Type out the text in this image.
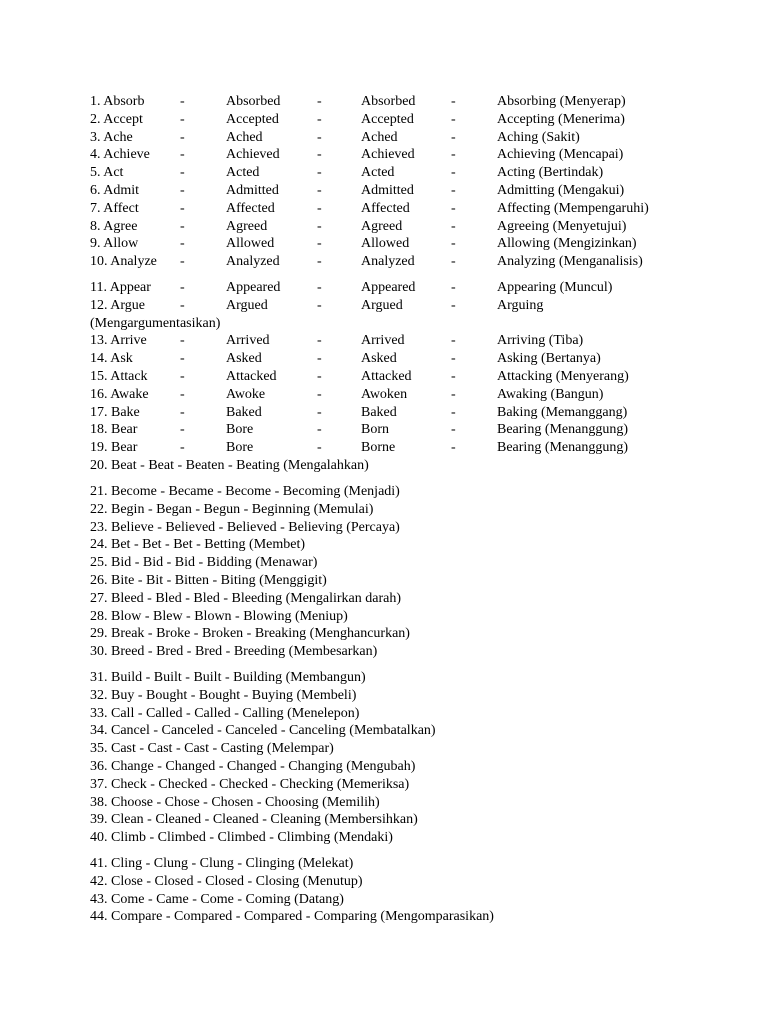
1. Absorb	-	Absorbed	-	Absorbed	-	Absorbing (Menyerap)
2. Accept	-	Accepted	-	Accepted	-	Accepting (Menerima)
3. Ache	-	Ached	-	Ached	-	Aching (Sakit)
4. Achieve -	Achieved	-	Achieved	-	Achieving (Mencapai)
5. Act	-	Acted	-	Acted	-	Acting (Bertindak)
6. Admit	-	Admitted	-	Admitted	-	Admitting (Mengakui)
7. Affect	-	Affected	-	Affected	-	Affecting (Mempengaruhi)
8. Agree	-	Agreed	-	Agreed	-	Agreeing (Menyetujui)
9. Allow	-	Allowed	-	Allowed	-	Allowing (Mengizinkan)
10. Analyze -	Analyzed	-	Analyzed	-	Analyzing (Menganalisis)
11. Appear -	Appeared	-	Appeared	-	Appearing (Muncul)
12. Argue	-	Argued	-	Argued	-	Arguing
(Mengargumentasikan)
13. Arrive -	Arrived	-	Arrived	-	Arriving (Tiba)
14. Ask	-	Asked	-	Asked	-	Asking (Bertanya)
15. Attack -	Attacked	-	Attacked	-	Attacking (Menyerang)
16. Awake -	Awoke	-	Awoken	-	Awaking (Bangun)
17. Bake	-	Baked	-	Baked	-	Baking (Memanggang)
18. Bear	-	Bore	-	Born	-	Bearing (Menanggung)
19. Bear	-	Bore	-	Borne	-	Bearing (Menanggung)
20. Beat - Beat - Beaten - Beating (Mengalahkan)
21. Become - Became - Become - Becoming (Menjadi)
22. Begin - Began - Begun - Beginning (Memulai)
23. Believe - Believed - Believed - Believing (Percaya)
24. Bet - Bet - Bet - Betting (Membet)
25. Bid - Bid - Bid - Bidding (Menawar)
26. Bite - Bit - Bitten - Biting (Menggigit)
27. Bleed - Bled - Bled - Bleeding (Mengalirkan darah)
28. Blow - Blew - Blown - Blowing (Meniup)
29. Break - Broke - Broken - Breaking (Menghancurkan)
30. Breed - Bred - Bred - Breeding (Membesarkan)
31. Build - Built - Built - Building (Membangun)
32. Buy - Bought - Bought - Buying (Membeli)
33. Call - Called - Called - Calling (Menelepon)
34. Cancel - Canceled - Canceled - Canceling (Membatalkan)
35. Cast - Cast - Cast - Casting (Melempar)
36. Change - Changed - Changed - Changing (Mengubah)
37. Check - Checked - Checked - Checking (Memeriksa)
38. Choose - Chose - Chosen - Choosing (Memilih)
39. Clean - Cleaned - Cleaned - Cleaning (Membersihkan)
40. Climb - Climbed - Climbed - Climbing (Mendaki)
41. Cling - Clung - Clung - Clinging (Melekat)
42. Close - Closed - Closed - Closing (Menutup)
43. Come - Came - Come - Coming (Datang)
44. Compare - Compared - Compared - Comparing (Mengomparasikan)
